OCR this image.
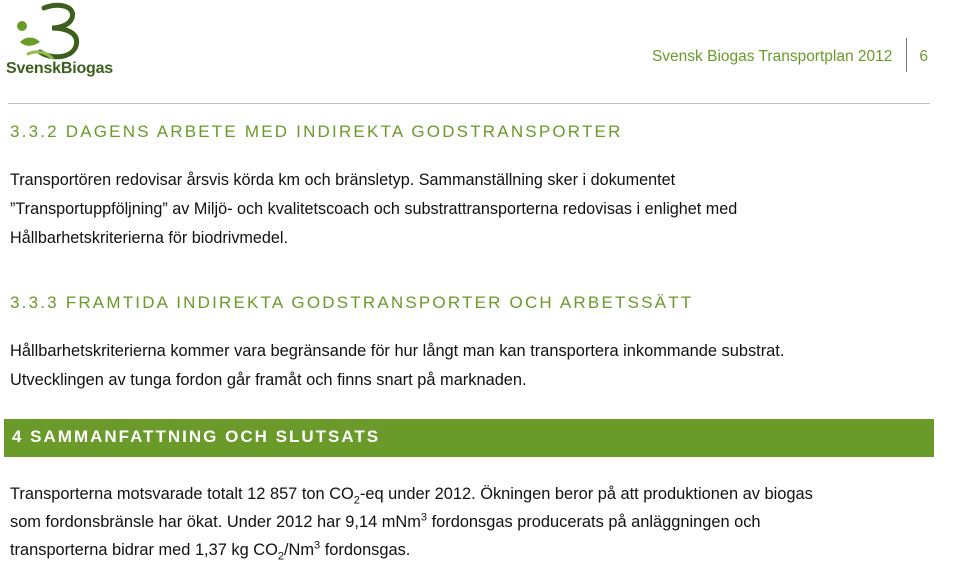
SvenskBiogas
Svensk Biogas Transportplan 2012 6
3.3.2 DAGENS ARBETE MED INDIREKTA GODSTRANSPORTER
Transportören redovisar årsvis körda km och bränsletyp. Sammanställning sker i dokumentet
”Transportuppföljning” av Miljö- och kvalitetscoach och substrattransporterna redovisas i enlighet med
Hållbarhetskriterierna för biodrivmedel.
3.3.3 FRAMTIDA INDIREKTA GODSTRANSPORTER OCH ARBETSSÄTT
Hållbarhetskriterierna kommer vara begränsande för hur långt man kan transportera inkommande substrat.
Utvecklingen av tunga fordon går framåt och finns snart på marknaden.
4 SAMMANFATTNING OCH SLUTSATS
Transporterna motsvarade totalt 12 857 ton $CO_2-eq$ under 2012. Ökningen beror på att produktionen av biogas
som fordonsbränsle har ökat. Under 2012 har 9,14 mNm$^3$ fordonsgas producerats på anläggningen och
transporterna bidrar med 1,37 kg $CO_2/Nm^3$ fordonsgas.
